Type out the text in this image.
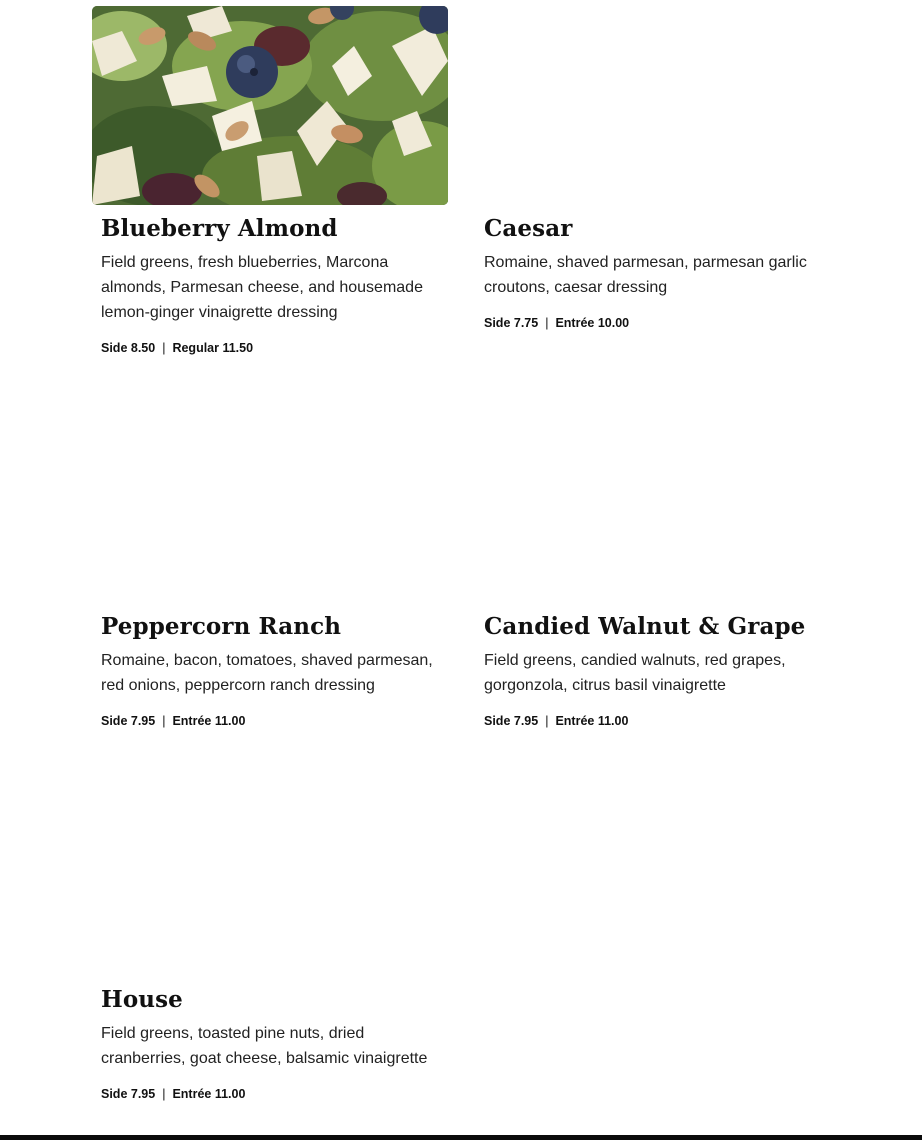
Blueberry Almond

Field greens, fresh blueberries, Marcona almonds, Parmesan cheese, and housemade lemon-ginger vinaigrette dressing

Side 8.50 | Regular 11.50
Caesar

Romaine, shaved parmesan, parmesan garlic croutons, caesar dressing

Side 7.75 | Entrée 10.00
Peppercorn Ranch

Romaine, bacon, tomatoes, shaved parmesan, red onions, peppercorn ranch dressing

Side 7.95 | Entrée 11.00
Candied Walnut & Grape

Field greens, candied walnuts, red grapes, gorgonzola, citrus basil vinaigrette

Side 7.95 | Entrée 11.00
House

Field greens, toasted pine nuts, dried cranberries, goat cheese, balsamic vinaigrette

Side 7.95 | Entrée 11.00
